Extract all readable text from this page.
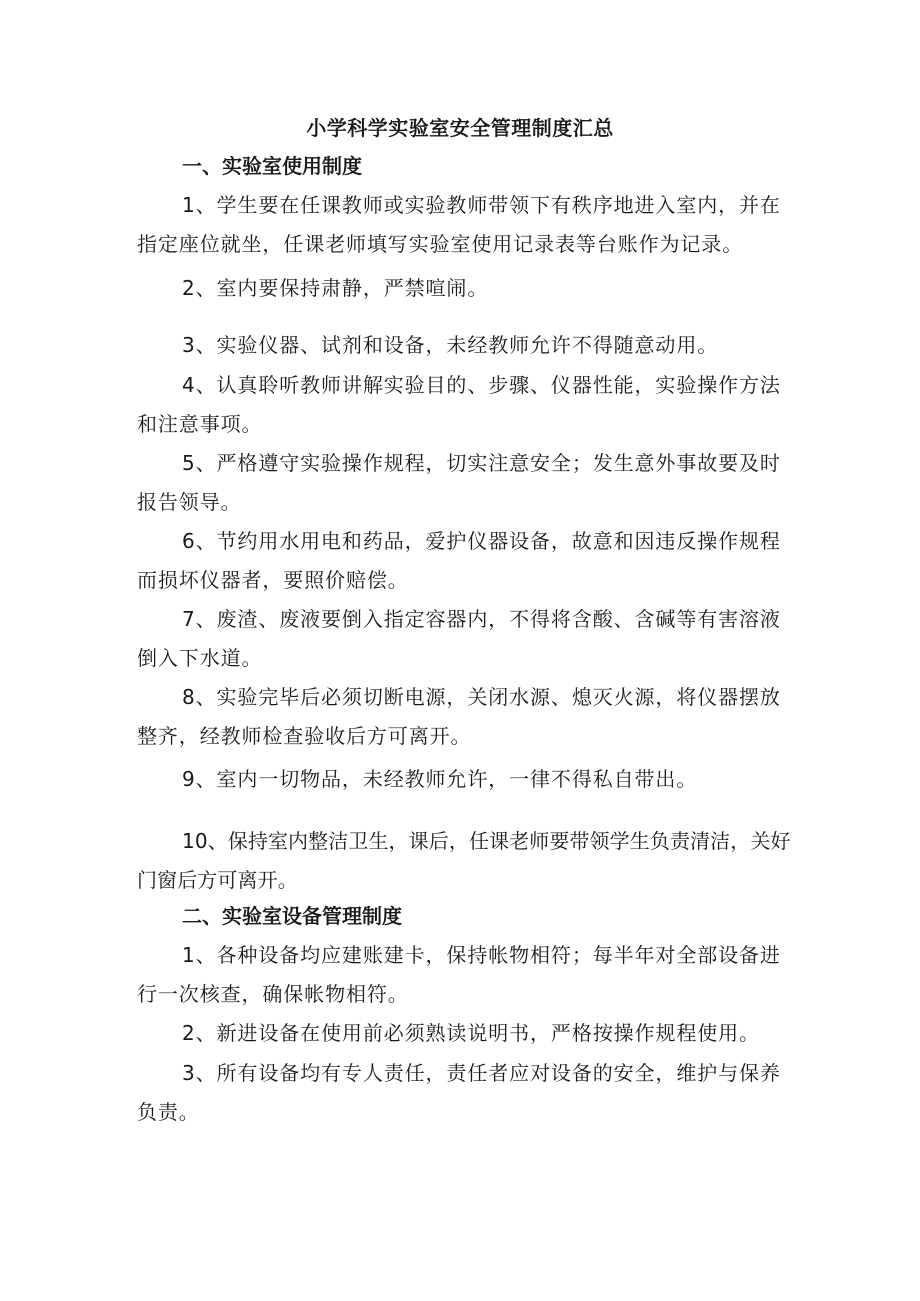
小学科学实验室安全管理制度汇总
一、实验室使用制度
1、学生要在任课教师或实验教师带领下有秩序地进入室内，并在指定座位就坐，任课老师填写实验室使用记录表等台账作为记录。
2、室内要保持肃静，严禁喧闹。
3、实验仪器、试剂和设备，未经教师允许不得随意动用。
4、认真聆听教师讲解实验目的、步骤、仪器性能，实验操作方法和注意事项。
5、严格遵守实验操作规程，切实注意安全；发生意外事故要及时报告领导。
6、节约用水用电和药品，爱护仪器设备，故意和因违反操作规程而损坏仪器者，要照价赔偿。
7、废渣、废液要倒入指定容器内，不得将含酸、含碱等有害溶液倒入下水道。
8、实验完毕后必须切断电源，关闭水源、熄灭火源，将仪器摆放整齐，经教师检查验收后方可离开。
9、室内一切物品，未经教师允许，一律不得私自带出。
10、保持室内整洁卫生，课后，任课老师要带领学生负责清洁，关好门窗后方可离开。
二、实验室设备管理制度
1、各种设备均应建账建卡，保持帐物相符；每半年对全部设备进行一次核查，确保帐物相符。
2、新进设备在使用前必须熟读说明书，严格按操作规程使用。
3、所有设备均有专人责任，责任者应对设备的安全，维护与保养负责。
